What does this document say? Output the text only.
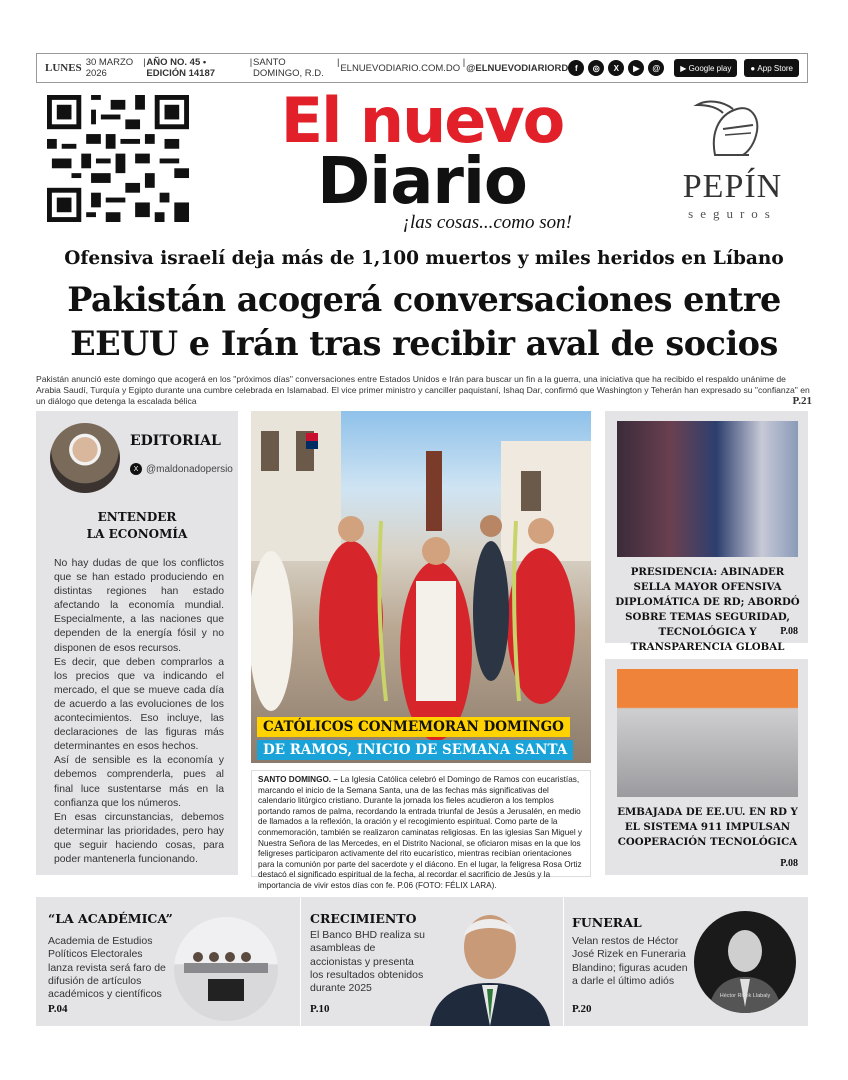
LUNES 30 MARZO 2026
|
AÑO NO. 45 • EDICIÓN 14187
|
SANTO DOMINGO, R.D.
| ELNUEVODIARIO.COM.DO | @ELNUEVODIARIORD f	◎	X	▶	@	▶ Google play ● App Store
El nuevo
Diario
¡las cosas...como son!
PEPÍN
seguros
Ofensiva israelí deja más de 1,100 muertos y miles heridos en Líbano
Pakistán acogerá conversaciones entre
EEUU e Irán tras recibir aval de socios
Pakistán anunció este domingo que acogerá en los "próximos días" conversaciones entre Estados Unidos e Irán para buscar un fin a la guerra, una iniciativa que ha recibido el respaldo unánime de Arabia Saudí, Turquía y Egipto durante una cumbre celebrada en Islamabad. El vice primer ministro y canciller paquistaní, Ishaq Dar, confirmó que Washington y Teherán han expresado su "confianza" en un diálogo que detenga la escalada bélica	P.21
EDITORIAL
X @maldonadopersio
ENTENDER
LA ECONOMÍA

No hay dudas de que los conflictos que se han estado produciendo en distintas regiones han estado afectando la economía mundial. Especialmente, a las naciones que dependen de la energía fósil y no disponen de esos recursos.

Es decir, que deben comprarlos a los precios que va indicando el mercado, el que se mueve cada día de acuerdo a las evoluciones de los acontecimientos. Eso incluye, las declaraciones de las figuras más determinantes en esos hechos.

Así de sensible es la economía y debemos comprenderla, pues al final luce sustentarse más en la confianza que los números.

En esas circunstancias, debemos determinar las prioridades, pero hay que seguir haciendo cosas, para poder mantenerla funcionando.

CATÓLICOS CONMEMORAN DOMINGO
DE RAMOS, INICIO DE SEMANA SANTA
SANTO DOMINGO. – La Iglesia Católica celebró el Domingo de Ramos con eucaristías, marcando el inicio de la Semana Santa, una de las fechas más significativas del calendario litúrgico cristiano. Durante la jornada los fieles acudieron a los templos portando ramos de palma, recordando la entrada triunfal de Jesús a Jerusalén, en medio de llamados a la reflexión, la oración y el recogimiento espiritual. Como parte de la conmemoración, también se realizaron caminatas religiosas. En las iglesias San Miguel y Nuestra Señora de las Mercedes, en el Distrito Nacional, se oficiaron misas en la que los feligreses participaron activamente del rito eucarístico, mientras recibían orientaciones para la comunión por parte del sacerdote y el diácono. En el lugar, la feligresa Rosa Ortiz destacó el significado espiritual de la fecha, al recordar el sacrificio de Jesús y la importancia de vivir estos días con fe. P.06 (FOTO: FÉLIX LARA).
PRESIDENCIA: ABINADER SELLA MAYOR OFENSIVA DIPLOMÁTICA DE RD; ABORDÓ SOBRE TEMAS SEGURIDAD, TECNOLÓGICA Y TRANSPARENCIA GLOBAL
P.08
EMBAJADA DE EE.UU. EN RD Y EL SISTEMA 911 IMPULSAN COOPERACIÓN TECNOLÓGICA
P.08
“LA ACADÉMICA”
Academia de Estudios Políticos Electorales lanza revista será faro de difusión de artículos académicos y científicos
P.04
CRECIMIENTO
El Banco BHD realiza su asambleas de accionistas y presenta los resultados obtenidos durante 2025
P.10
FUNERAL
Velan restos de Héctor José Rizek en Funeraria Blandino; figuras acuden a darle el último adiós
P.20
Héctor Rizek Llabaly
